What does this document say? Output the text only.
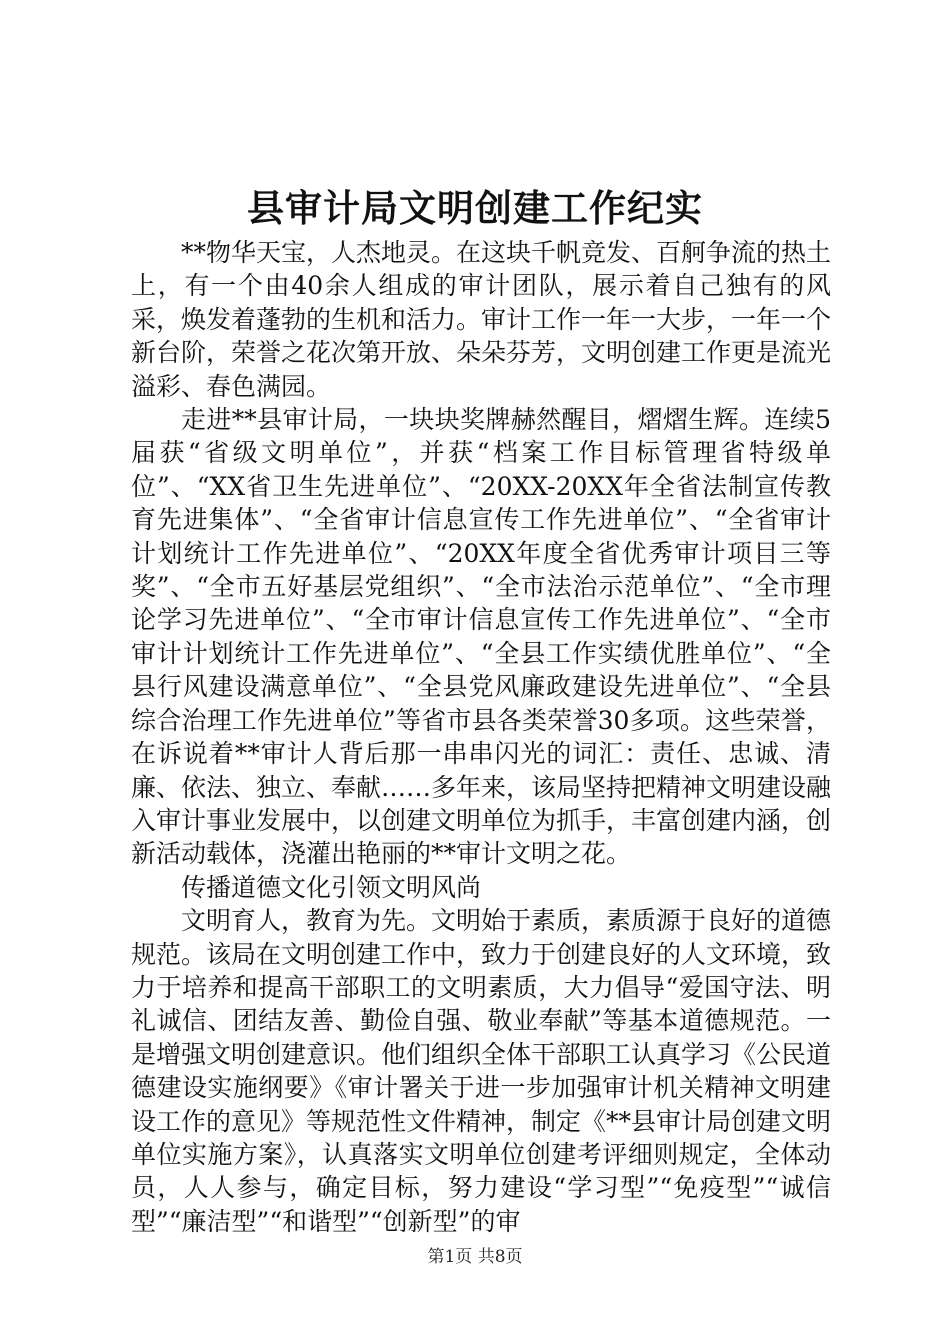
县审计局文明创建工作纪实

**物华天宝，人杰地灵。在这块千帆竞发、百舸争流的热土上，有一个由40余人组成的审计团队，展示着自己独有的风采，焕发着蓬勃的生机和活力。审计工作一年一大步，一年一个新台阶，荣誉之花次第开放、朵朵芬芳，文明创建工作更是流光溢彩、春色满园。

走进**县审计局，一块块奖牌赫然醒目，熠熠生辉。连续5届获“省级文明单位”，并获“档案工作目标管理省特级单位”、“XX省卫生先进单位”、“20XX-20XX年全省法制宣传教育先进集体”、“全省审计信息宣传工作先进单位”、“全省审计计划统计工作先进单位”、“20XX年度全省优秀审计项目三等奖”、“全市五好基层党组织”、“全市法治示范单位”、“全市理论学习先进单位”、“全市审计信息宣传工作先进单位”、“全市审计计划统计工作先进单位”、“全县工作实绩优胜单位”、“全县行风建设满意单位”、“全县党风廉政建设先进单位”、“全县综合治理工作先进单位”等省市县各类荣誉30多项。这些荣誉，在诉说着**审计人背后那一串串闪光的词汇：责任、忠诚、清廉、依法、独立、奉献……多年来，该局坚持把精神文明建设融入审计事业发展中，以创建文明单位为抓手，丰富创建内涵，创新活动载体，浇灌出艳丽的**审计文明之花。

传播道德文化引领文明风尚

文明育人，教育为先。文明始于素质，素质源于良好的道德规范。该局在文明创建工作中，致力于创建良好的人文环境，致力于培养和提高干部职工的文明素质，大力倡导“爱国守法、明礼诚信、团结友善、勤俭自强、敬业奉献”等基本道德规范。一是增强文明创建意识。他们组织全体干部职工认真学习《公民道德建设实施纲要》《审计署关于进一步加强审计机关精神文明建设工作的意见》等规范性文件精神，制定《**县审计局创建文明单位实施方案》，认真落实文明单位创建考评细则规定，全体动员，人人参与，确定目标，努力建设“学习型”“免疫型”“诚信型”“廉洁型”“和谐型”“创新型”的审

第1页 共8页
